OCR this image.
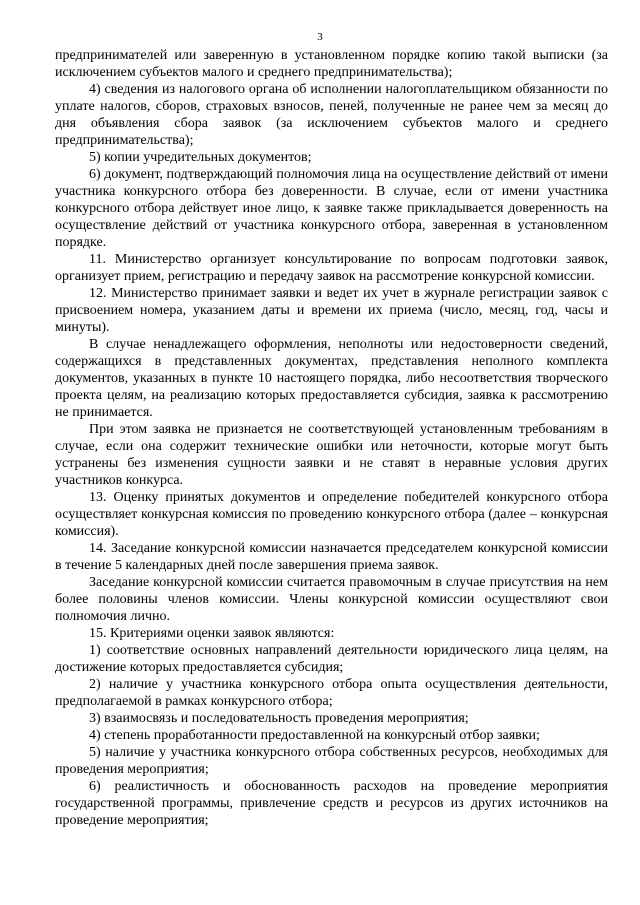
3

предпринимателей или заверенную в установленном порядке копию такой выписки (за исключением субъектов малого и среднего предпринимательства);

4) сведения из налогового органа об исполнении налогоплательщиком обязанности по уплате налогов, сборов, страховых взносов, пеней, полученные не ранее чем за месяц до дня объявления сбора заявок (за исключением субъектов малого и среднего предпринимательства);

5) копии учредительных документов;

6) документ, подтверждающий полномочия лица на осуществление действий от имени участника конкурсного отбора без доверенности. В случае, если от имени участника конкурсного отбора действует иное лицо, к заявке также прикладывается доверенность на осуществление действий от участника конкурсного отбора, заверенная в установленном порядке.

11. Министерство организует консультирование по вопросам подготовки заявок, организует прием, регистрацию и передачу заявок на рассмотрение конкурсной комиссии.

12. Министерство принимает заявки и ведет их учет в журнале регистрации заявок с присвоением номера, указанием даты и времени их приема (число, месяц, год, часы и минуты).

В случае ненадлежащего оформления, неполноты или недостоверности сведений, содержащихся в представленных документах, представления неполного комплекта документов, указанных в пункте 10 настоящего порядка, либо несоответствия творческого проекта целям, на реализацию которых предоставляется субсидия, заявка к рассмотрению не принимается.

При этом заявка не признается не соответствующей установленным требованиям в случае, если она содержит технические ошибки или неточности, которые могут быть устранены без изменения сущности заявки и не ставят в неравные условия других участников конкурса.

13. Оценку принятых документов и определение победителей конкурсного отбора осуществляет конкурсная комиссия по проведению конкурсного отбора (далее – конкурсная комиссия).

14. Заседание конкурсной комиссии назначается председателем конкурсной комиссии в течение 5 календарных дней после завершения приема заявок.

Заседание конкурсной комиссии считается правомочным в случае присутствия на нем более половины членов комиссии. Члены конкурсной комиссии осуществляют свои полномочия лично.

15. Критериями оценки заявок являются:

1) соответствие основных направлений деятельности юридического лица целям, на достижение которых предоставляется субсидия;

2) наличие у участника конкурсного отбора опыта осуществления деятельности, предполагаемой в рамках конкурсного отбора;

3) взаимосвязь и последовательность проведения мероприятия;

4) степень проработанности предоставленной на конкурсный отбор заявки;

5) наличие у участника конкурсного отбора собственных ресурсов, необходимых для проведения мероприятия;

6) реалистичность и обоснованность расходов на проведение мероприятия государственной программы, привлечение средств и ресурсов из других источников на проведение мероприятия;
